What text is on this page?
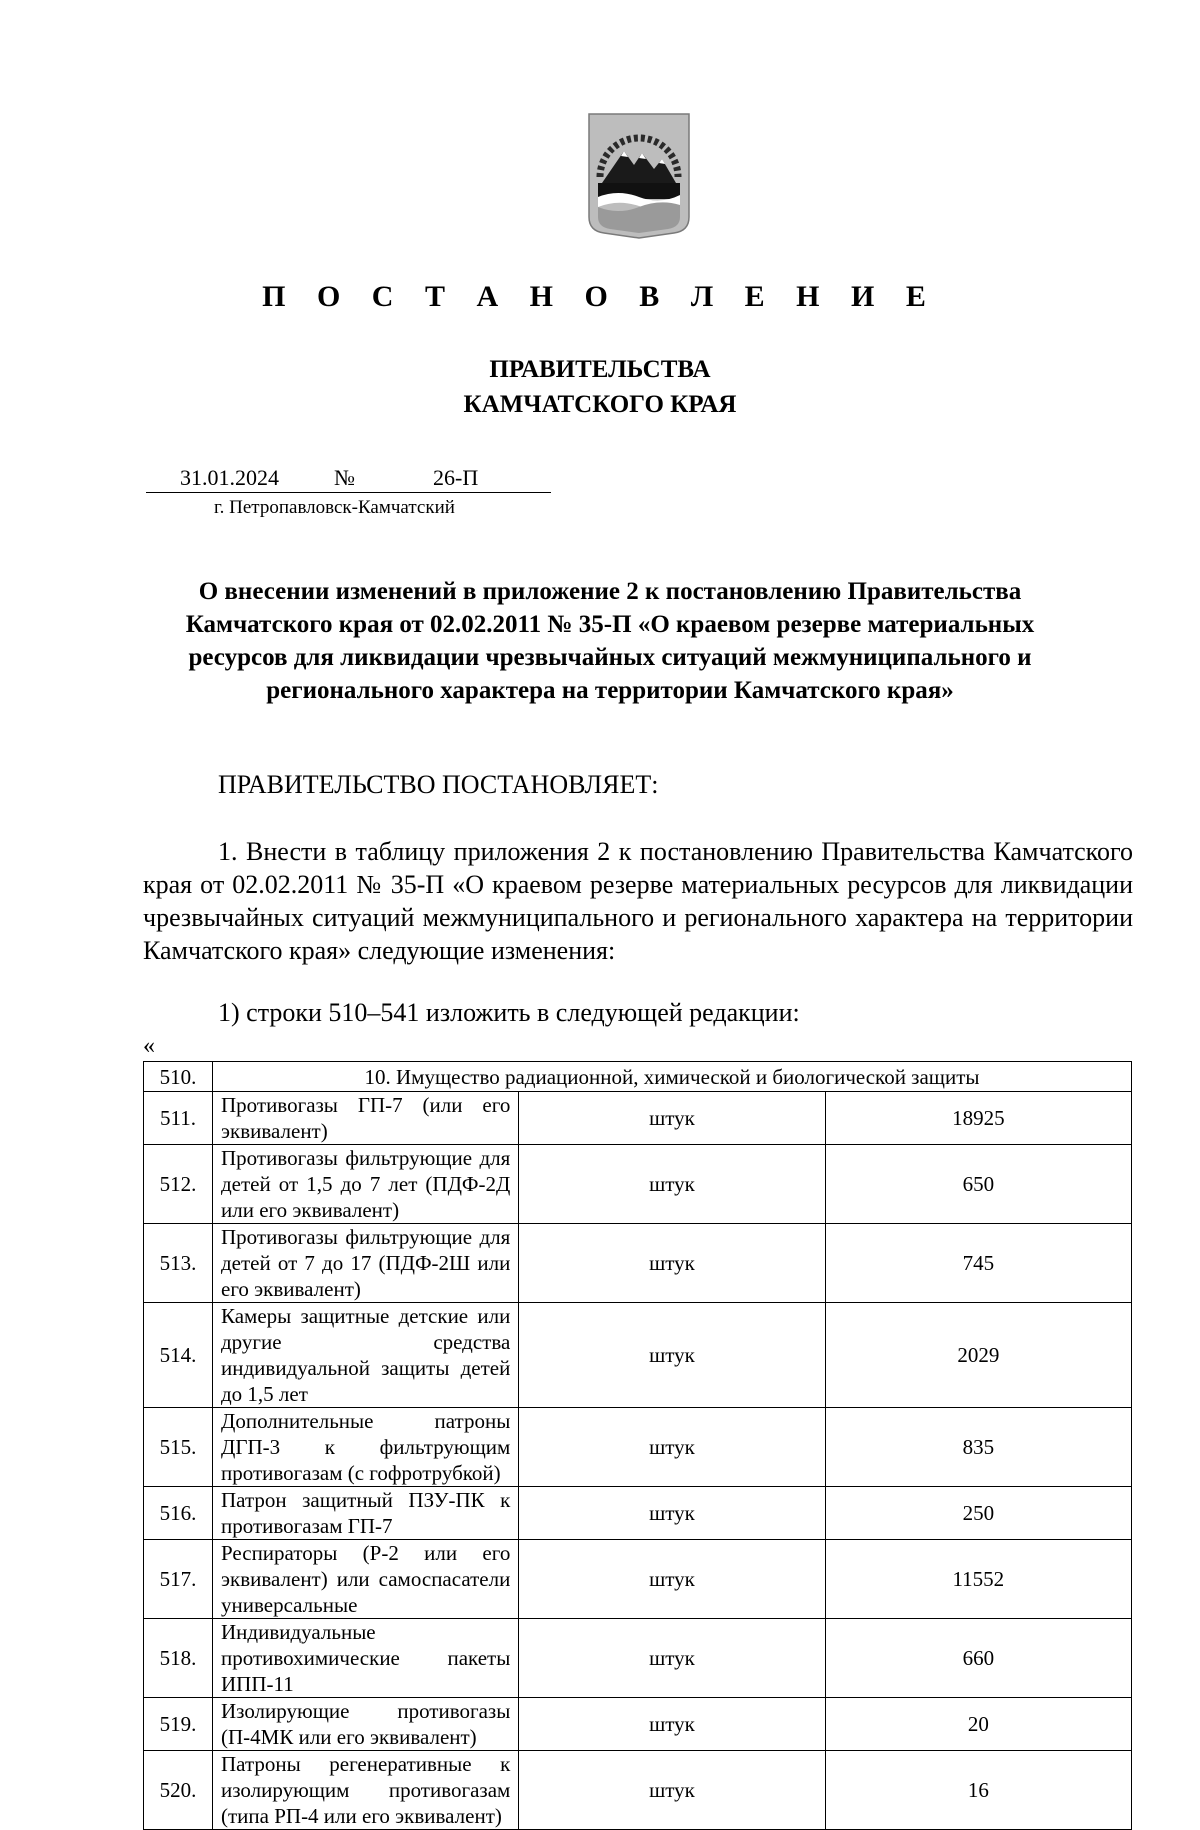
П О С Т А Н О В Л Е Н И Е
ПРАВИТЕЛЬСТВА
КАМЧАТСКОГО КРАЯ
31.01.2024	№	26-П
г. Петропавловск-Камчатский
О внесении изменений в приложение 2 к постановлению Правительства Камчатского края от 02.02.2011 № 35-П «О краевом резерве материальных ресурсов для ликвидации чрезвычайных ситуаций межмуниципального и регионального характера на территории Камчатского края»
ПРАВИТЕЛЬСТВО ПОСТАНОВЛЯЕТ:
1. Внести в таблицу приложения 2 к постановлению Правительства Камчатского края от 02.02.2011 № 35-П «О краевом резерве материальных ресурсов для ликвидации чрезвычайных ситуаций межмуниципального и регионального характера на территории Камчатского края» следующие изменения:
1) строки 510–541 изложить в следующей редакции:
«
510.	10. Имущество радиационной, химической и биологической защиты		
511.	Противогазы ГП-7 (или его эквивалент)	штук	18925
512.	Противогазы фильтрующие для детей от 1,5 до 7 лет (ПДФ-2Д или его эквивалент)	штук	650
513.	Противогазы фильтрующие для детей от 7 до 17 (ПДФ-2Ш или его эквивалент)	штук	745
514.	Камеры защитные детские или другие средства индивидуальной защиты детей до 1,5 лет	штук	2029
515.	Дополнительные патроны ДГП-3 к фильтрующим противогазам (с гофротрубкой)	штук	835
516.	Патрон защитный ПЗУ-ПК к противогазам ГП-7	штук	250
517.	Респираторы (Р-2 или его эквивалент) или самоспасатели универсальные	штук	11552
518.	Индивидуальные противохимические пакеты ИПП-11	штук	660
519.	Изолирующие противогазы (П-4МК или его эквивалент)	штук	20
520.	Патроны регенеративные к изолирующим противогазам (типа РП-4 или его эквивалент)	штук	16
